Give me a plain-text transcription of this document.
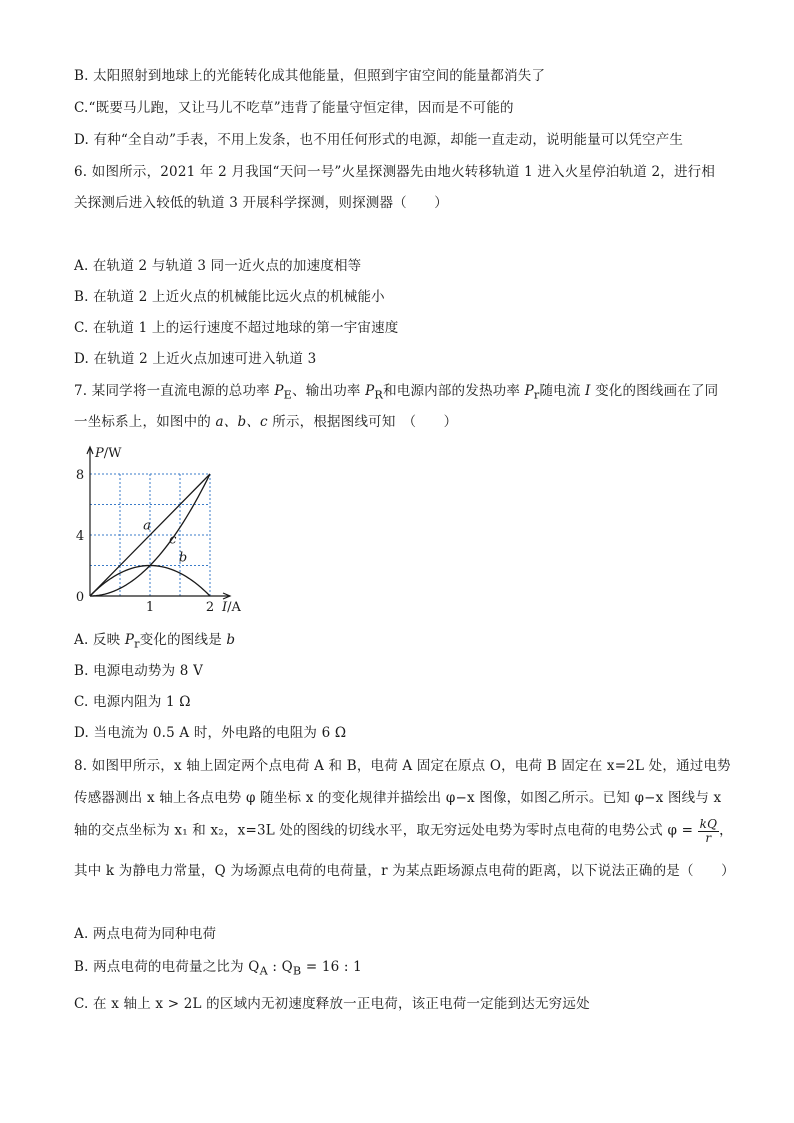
B. 太阳照射到地球上的光能转化成其他能量，但照到宇宙空间的能量都消失了
C.“既要马儿跑，又让马儿不吃草”违背了能量守恒定律，因而是不可能的
D. 有种“全自动”手表，不用上发条，也不用任何形式的电源，却能一直走动，说明能量可以凭空产生
6. 如图所示，2021 年 2 月我国“天问一号”火星探测器先由地火转移轨道 1 进入火星停泊轨道 2，进行相
关探测后进入较低的轨道 3 开展科学探测，则探测器（　　）
A. 在轨道 2 与轨道 3 同一近火点的加速度相等
B. 在轨道 2 上近火点的机械能比远火点的机械能小
C. 在轨道 1 上的运行速度不超过地球的第一宇宙速度
D. 在轨道 2 上近火点加速可进入轨道 3
7. 某同学将一直流电源的总功率 $P_E$、输出功率 $P_R$和电源内部的发热功率 $P_r$随电流 I 变化的图线画在了同
一坐标系上，如图中的 a、b、c 所示，根据图线可知　（　　）
8
4
0
1	2
P/W
I/A
a
b
c
A. 反映 $P_r$变化的图线是 b
B. 电源电动势为 8 V
C. 电源内阻为 1 Ω
D. 当电流为 0.5 A 时，外电路的电阻为 6 Ω
8. 如图甲所示，x 轴上固定两个点电荷 A 和 B，电荷 A 固定在原点 O，电荷 B 固定在 x=2L 处，通过电势
传感器测出 x 轴上各点电势 φ 随坐标 x 的变化规律并描绘出 φ−x 图像，如图乙所示。已知 φ−x 图线与 x
轴的交点坐标为 x₁ 和 x₂，x=3L 处的图线的切线水平，取无穷远处电势为零时点电荷的电势公式 $\varphi = \frac{kQ}{r}$ ，
其中 k 为静电力常量，Q 为场源点电荷的电荷量，r 为某点距场源点电荷的距离，以下说法正确的是（　　）
A. 两点电荷为同种电荷
B. 两点电荷的电荷量之比为 $Q_A$ : $Q_B = 16$ : 1
C. 在 x 轴上 x > 2L 的区域内无初速度释放一正电荷，该正电荷一定能到达无穷远处
